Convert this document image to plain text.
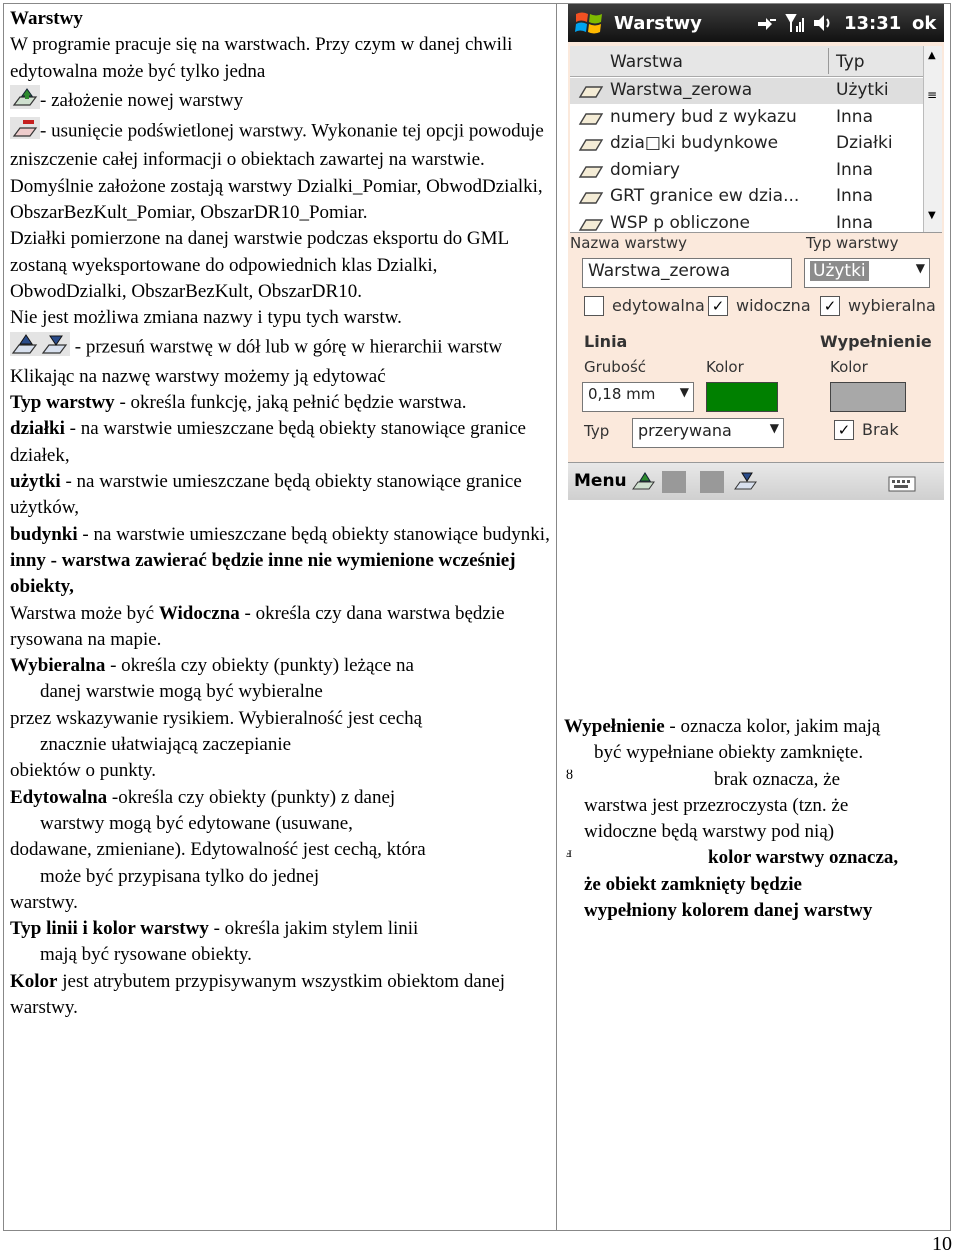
Warstwy

W programie pracuje się na warstwach. Przy czym w danej chwili edytowalna może być tylko jedna

- założenie nowej warstwy

- usunięcie podświetlonej warstwy. Wykonanie tej opcji powoduje zniszczenie całej informacji o obiektach zawartej na warstwie.

Domyślnie założone zostają warstwy Dzialki_Pomiar, ObwodDzialki, ObszarBezKult_Pomiar, ObszarDR10_Pomiar.

Działki pomierzone na danej warstwie podczas eksportu do GML zostaną wyeksportowane do odpowiednich klas Dzialki, ObwodDzialki, ObszarBezKult, ObszarDR10.

Nie jest możliwa zmiana nazwy i typu tych warstw.

- przesuń warstwę w dół lub w górę w hierarchii warstw

Klikając na nazwę warstwy możemy ją edytować

Typ warstwy - określa funkcję, jaką pełnić będzie warstwa.

działki - na warstwie umieszczane będą obiekty stanowiące granice działek,

użytki - na warstwie umieszczane będą obiekty stanowiące granice użytków,

budynki - na warstwie umieszczane będą obiekty stanowiące budynki,

inny - warstwa zawierać będzie inne nie wymienione wcześniej obiekty,

Warstwa może być Widoczna - określa czy dana warstwa będzie rysowana na mapie.

Wybieralna - określa czy obiekty (punkty) leżące na

danej warstwie mogą być wybieralne

przez wskazywanie rysikiem. Wybieralność jest cechą

znacznie ułatwiającą zaczepianie

obiektów o punkty.

Edytowalna -określa czy obiekty (punkty) z danej

warstwy mogą być edytowane (usuwane,

dodawane, zmieniane). Edytowalność jest cechą, która

może być przypisana tylko do jednej

warstwy.

Typ linii i kolor warstwy - określa jakim stylem linii

mają być rysowane obiekty.

Kolor jest atrybutem przypisywanym wszystkim obiektom danej warstwy.

Warstwy	13:31 ok
Warstwa	Typ
Warstwa_zerowa	Użytki
numery bud z wykazu Inna
dzia□ki budynkowe	Działki
domiary	Inna
GRT granice ew dzia... Inna
WSP p obliczone	Inna
▲
≡
▼
Nazwa warstwy	Typ warstwy
Warstwa_zerowa	Użytki	▼
edytowalna ✓ widoczna ✓ wybieralna
Linia	Wypełnienie
Grubość	Kolor	Kolor
0,18 mm ▼
Typ przerywana	▼	✓ Brak
Menu

Wypełnienie - oznacza kolor, jakim mają

być wypełniane obiekty zamknięte.

ȣ	brak oznacza, że

warstwa jest przezroczysta (tzn. że

widoczne będą warstwy pod nią)

ⅎ	kolor warstwy oznacza,

że obiekt zamknięty będzie

wypełniony kolorem danej warstwy

10
